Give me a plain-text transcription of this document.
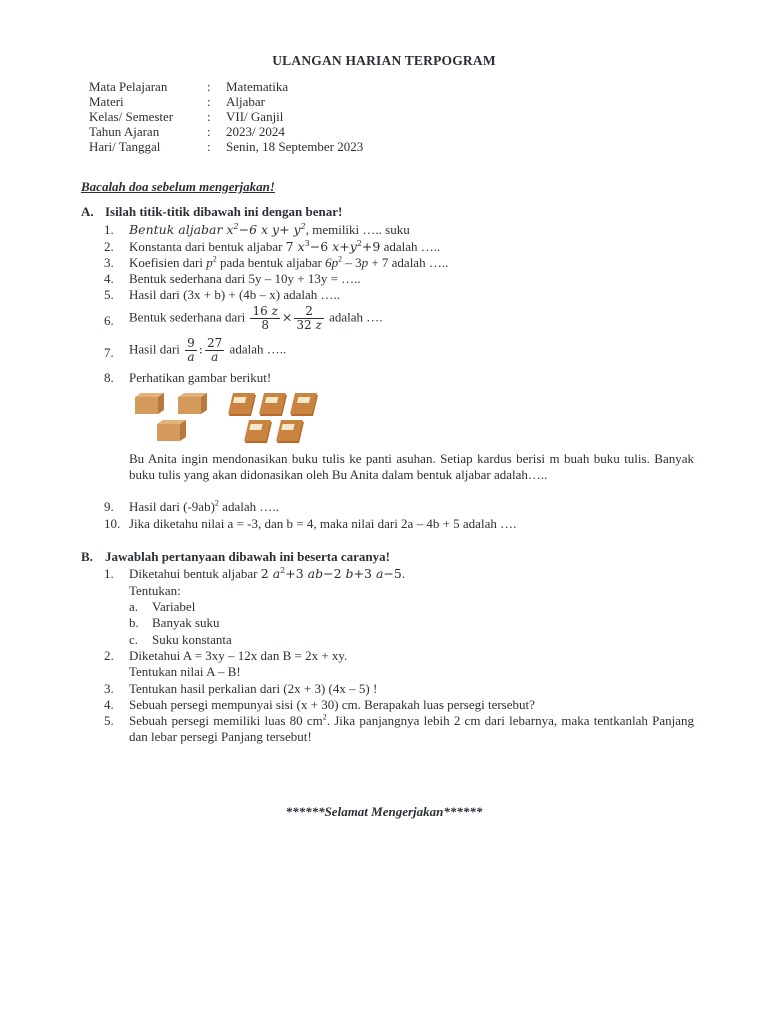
ULANGAN HARIAN TERPOGRAM
Mata Pelajaran	:	Matematika
Materi	:	Aljabar
Kelas/ Semester	:	VII/ Ganjil
Tahun Ajaran	:	2023/ 2024
Hari/ Tanggal	:	Senin, 18 September 2023
Bacalah doa sebelum mengerjakan!
A. Isilah titik-titik dibawah ini dengan benar!
1.	Bentuk aljabar $x^2-6$ x $y+ y^2$, memiliki ….. suku
2.	Konstanta dari bentuk aljabar 7 $x^3-6$ $x+y^2+9$ adalah …..
3.	Koefisien dari $p^2$ pada bentuk aljabar $6p^2 - 3p + 7$ adalah …..
4.	Bentuk sederhana dari 5y – 10y + 13y = …..
5.	Hasil dari (3x + b) + (4b – x) adalah …..
6.	Bentuk sederhana dari $\frac{16 z}{8} \times \frac{2}{32 z}$ adalah ….
7.	Hasil dari $\frac{9}{a}$ : $\frac{27}{a}$ adalah …..
8.	Perhatikan gambar berikut!
Bu Anita ingin mendonasikan buku tulis ke panti asuhan. Setiap kardus berisi m buah buku tulis. Banyak buku tulis yang akan didonasikan oleh Bu Anita dalam bentuk aljabar adalah…..
9.	Hasil dari $(-9ab)^2$ adalah …..
10. Jika diketahu nilai a = -3, dan b = 4, maka nilai dari 2a – 4b + 5 adalah ….
B. Jawablah pertanyaan dibawah ini beserta caranya!
1.	Diketahui bentuk aljabar 2 $a^2+3$ ab−2 b+3 a−5.
Tentukan:
a. Variabel
b. Banyak suku
c. Suku konstanta
2.	Diketahui A = 3xy – 12x dan B = 2x + xy.
Tentukan nilai A – B!
3.	Tentukan hasil perkalian dari (2x + 3) (4x – 5) !
4.	Sebuah persegi mempunyai sisi (x + 30) cm. Berapakah luas persegi tersebut?
5.	Sebuah persegi memiliki luas 80 $cm^2$. Jika panjangnya lebih 2 cm dari lebarnya, maka tentkanlah Panjang dan lebar persegi Panjang tersebut!
******Selamat Mengerjakan******
